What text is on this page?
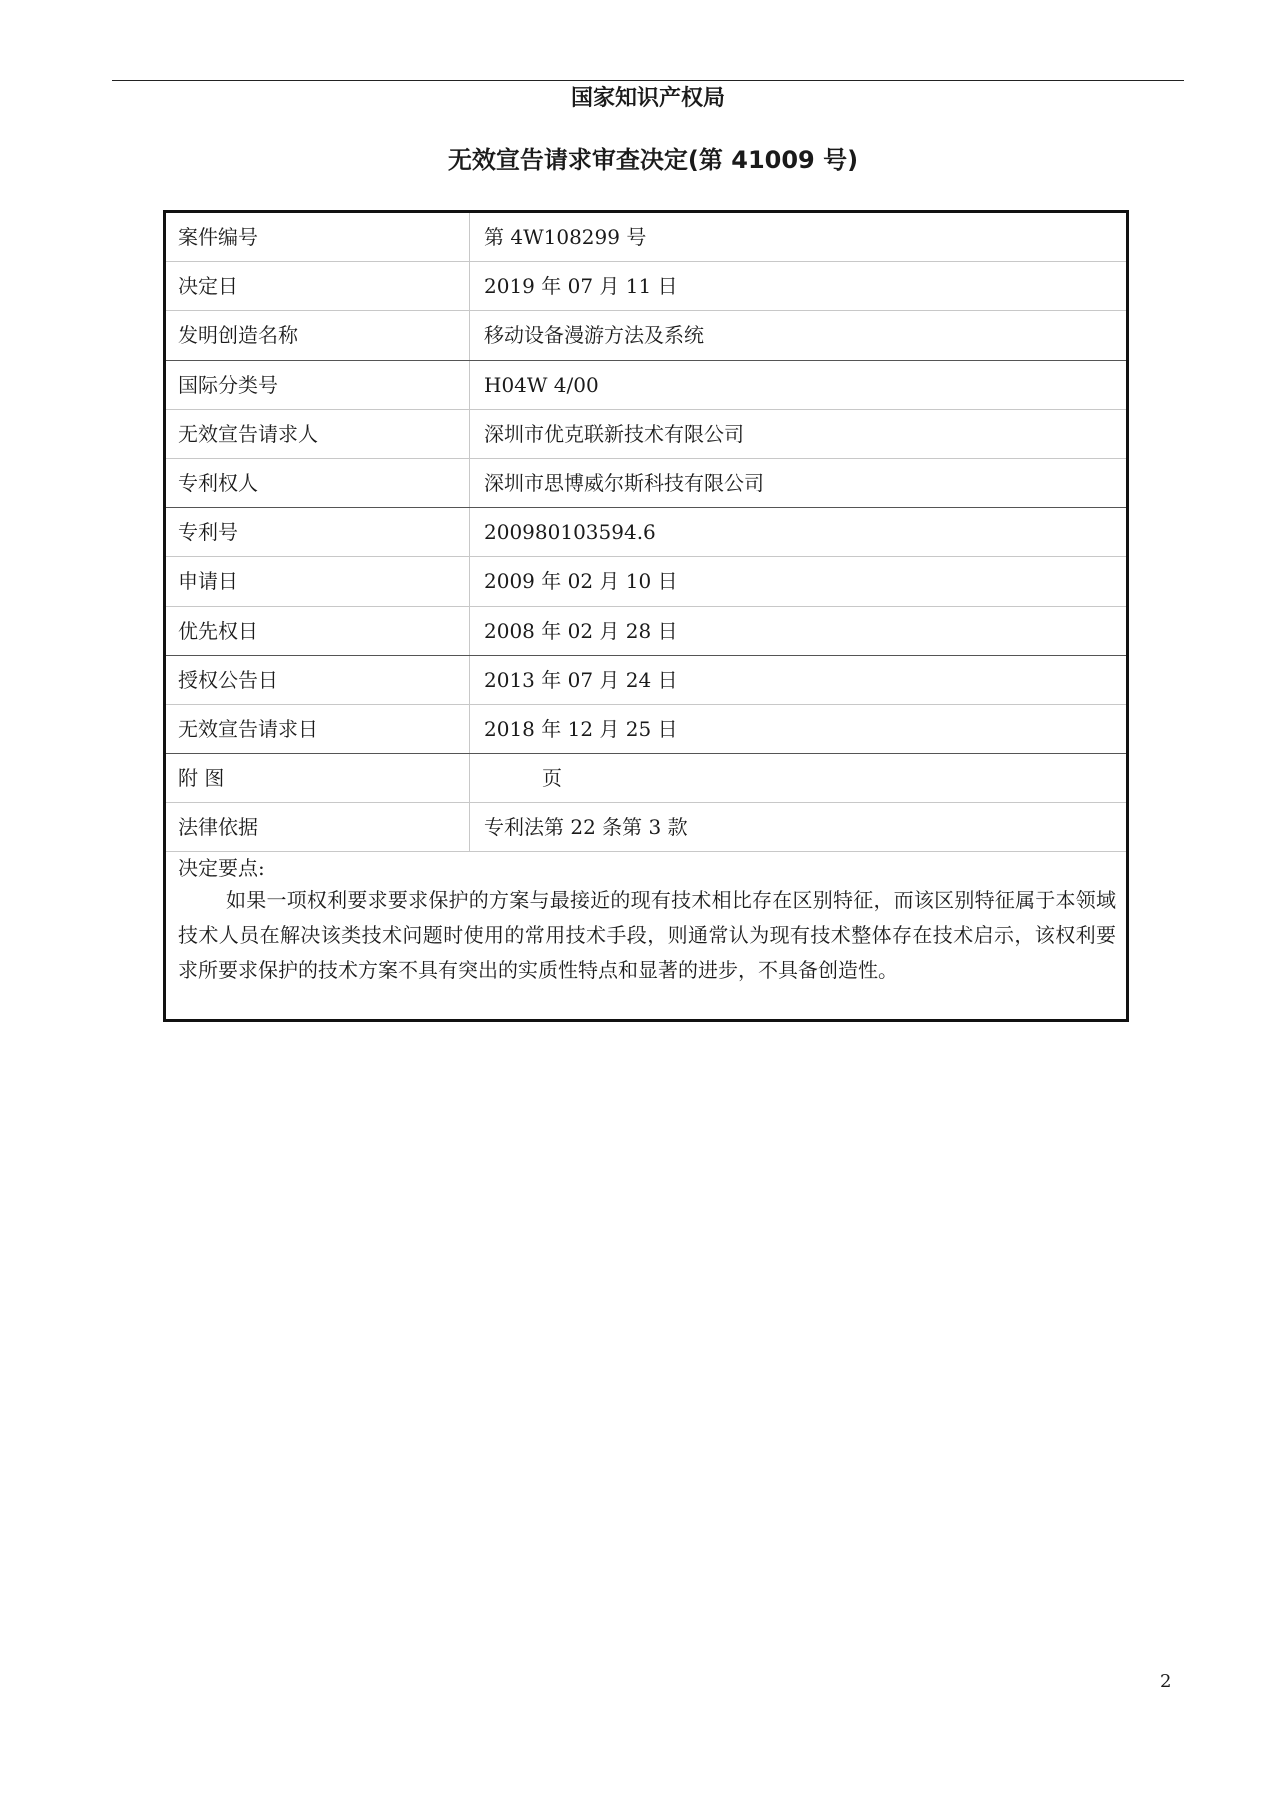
国家知识产权局
无效宣告请求审查决定(第 41009 号)
案件编号	第 4W108299 号
决定日	2019 年 07 月 11 日
发明创造名称	移动设备漫游方法及系统
国际分类号	H04W 4/00
无效宣告请求人	深圳市优克联新技术有限公司
专利权人	深圳市思博威尔斯科技有限公司
专利号	200980103594.6
申请日	2009 年 02 月 10 日
优先权日	2008 年 02 月 28 日
授权公告日	2013 年 07 月 24 日
无效宣告请求日	2018 年 12 月 25 日
附 图	页
法律依据	专利法第 22 条第 3 款
决定要点:

如果一项权利要求要求保护的方案与最接近的现有技术相比存在区别特征，而该区别特征属于本领域技术人员在解决该类技术问题时使用的常用技术手段，则通常认为现有技术整体存在技术启示，该权利要求所要求保护的技术方案不具有突出的实质性特点和显著的进步，不具备创造性。

2
